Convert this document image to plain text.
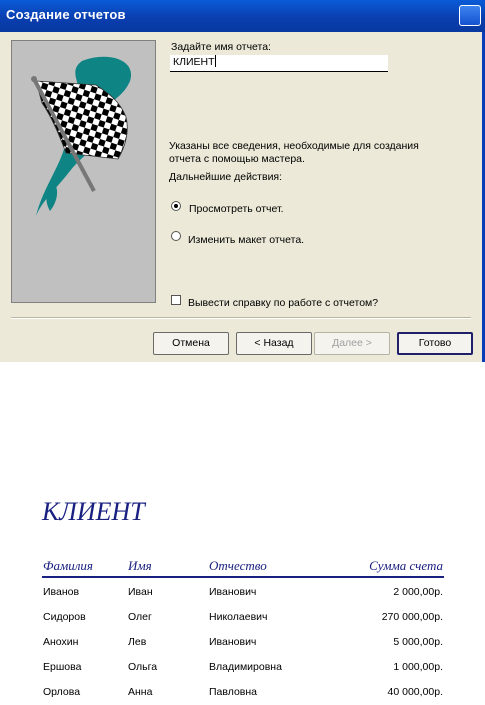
Создание отчетов
Задайте имя отчета:
КЛИЕНТ
Указаны все сведения, необходимые для создания
отчета с помощью мастера.
Дальнейшие действия:
Просмотреть отчет.
Изменить макет отчета.
Вывести справку по работе с отчетом?
Отмена	< Назад	Далее >	Готово
КЛИЕНТ
Фамилия	Имя	Отчество	Сумма счета
Иванов	Иван	Иванович	2 000,00р.
Сидоров	Олег	Николаевич	270 000,00р.
Анохин	Лев	Иванович	5 000,00р.
Ершова	Ольга	Владимировна	1 000,00р.
Орлова	Анна	Павловна	40 000,00р.
